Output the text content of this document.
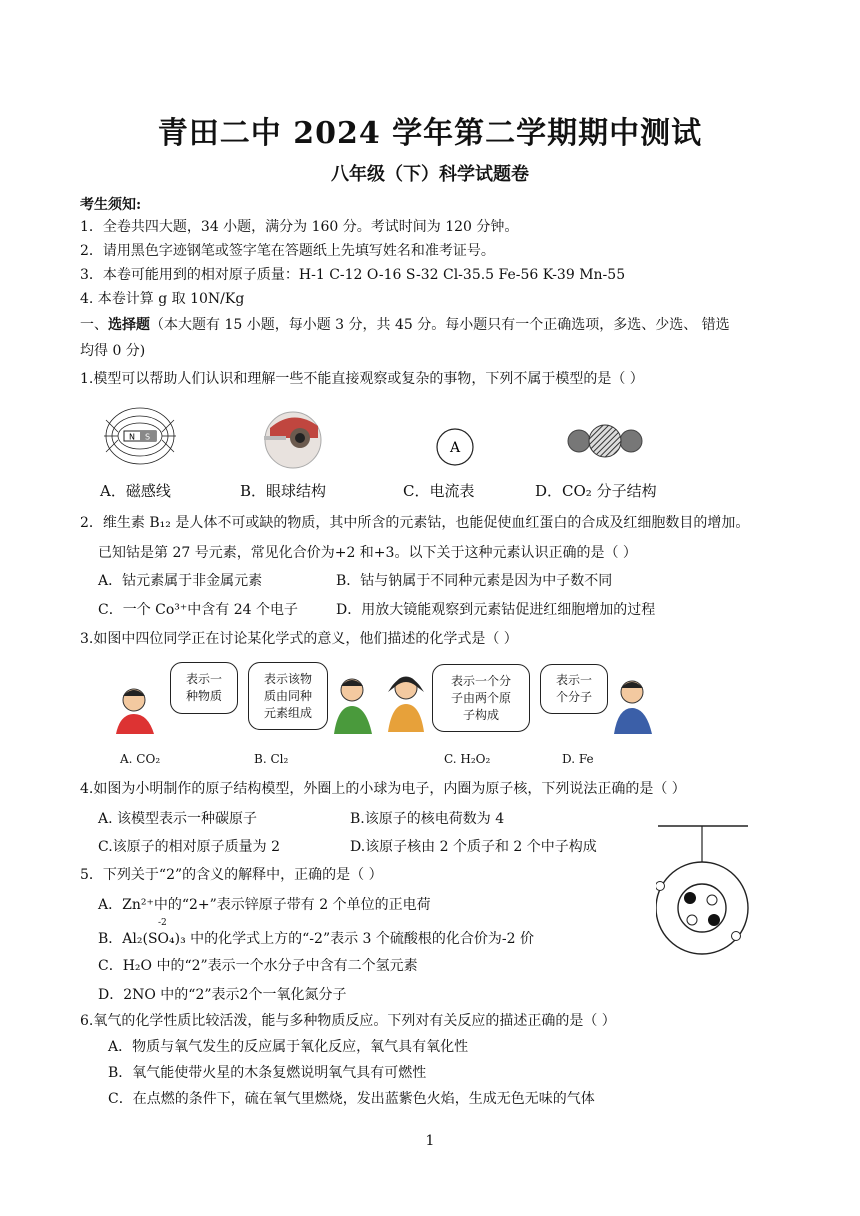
青田二中 2024 学年第二学期期中测试
八年级（下）科学试题卷
考生须知:
1．全卷共四大题，34 小题，满分为 160 分。考试时间为 120 分钟。
2．请用黑色字迹钢笔或签字笔在答题纸上先填写姓名和准考证号。
3．本卷可能用到的相对原子质量：H-1 C-12 O-16 S-32 Cl-35.5 Fe-56 K-39 Mn-55
4. 本卷计算 g 取 10N/Kg
一、选择题（本大题有 15 小题，每小题 3 分，共 45 分。每小题只有一个正确选项，多选、少选、 错选
均得 0 分)
1.模型可以帮助人们认识和理解一些不能直接观察或复杂的事物，下列不属于模型的是（ ）
N S
A
A．磁感线	B．眼球结构	C．电流表	D．CO₂ 分子结构
2．维生素 B₁₂ 是人体不可或缺的物质，其中所含的元素钴，也能促使血红蛋白的合成及红细胞数目的增加。
已知钴是第 27 号元素，常见化合价为+2 和+3。以下关于这种元素认识正确的是（ ）
A．钴元素属于非金属元素	B．钴与钠属于不同种元素是因为中子数不同
C．一个 Co³⁺中含有 24 个电子	D．用放大镜能观察到元素钴促进红细胞增加的过程
3.如图中四位同学正在讨论某化学式的意义，他们描述的化学式是（ ）
表示一
种物质
表示该物
质由同种
元素组成
表示一个分
子由两个原
子构成
表示一
个分子
A. CO₂	B. Cl₂	C. H₂O₂	D. Fe
4.如图为小明制作的原子结构模型，外圈上的小球为电子，内圈为原子核，下列说法正确的是（ ）
A. 该模型表示一种碳原子	B.该原子的核电荷数为 4
C.该原子的相对原子质量为 2	D.该原子核由 2 个质子和 2 个中子构成
5．下列关于“2”的含义的解释中，正确的是（ ）
A．Zn²⁺中的“2+”表示锌原子带有 2 个单位的正电荷
-2
B．Al₂(SO₄)₃ 中的化学式上方的“-2”表示 3 个硫酸根的化合价为-2 价
C．H₂O 中的“2”表示一个水分子中含有二个氢元素
D．2NO 中的“2”表示2个一氧化氮分子
6.氧气的化学性质比较活泼，能与多种物质反应。下列对有关反应的描述正确的是（ ）
A．物质与氧气发生的反应属于氧化反应，氧气具有氧化性
B．氧气能使带火星的木条复燃说明氧气具有可燃性
C．在点燃的条件下，硫在氧气里燃烧，发出蓝紫色火焰，生成无色无味的气体
1
